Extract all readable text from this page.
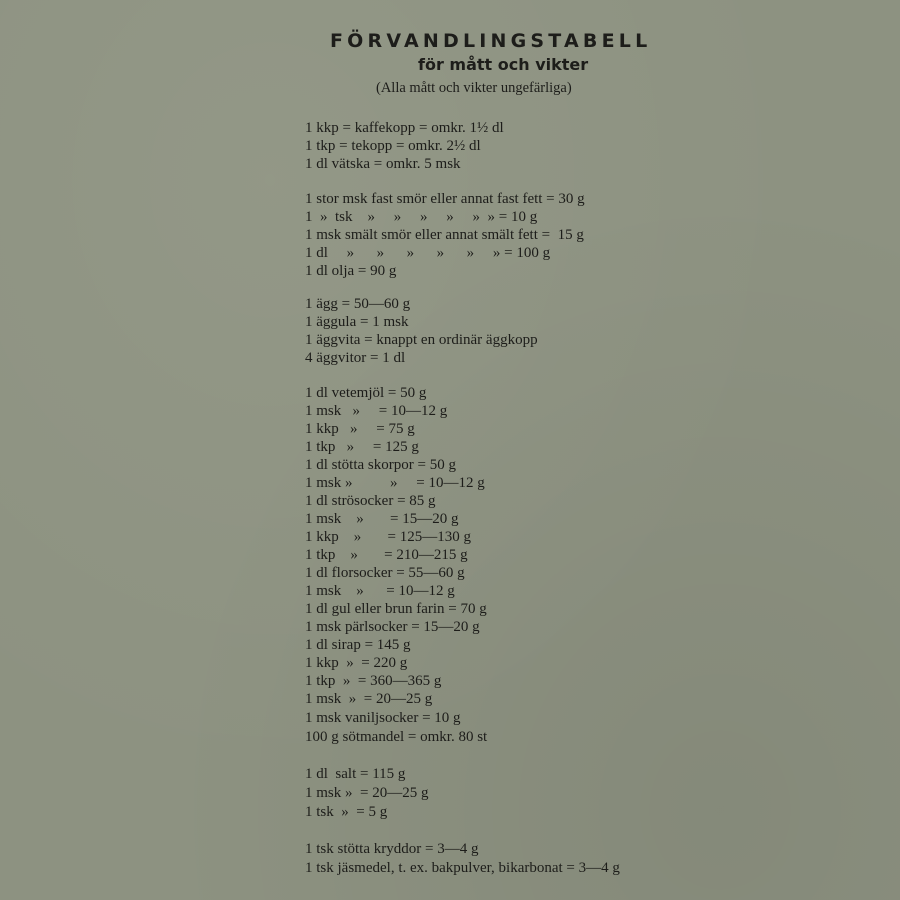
FÖRVANDLINGSTABELL
för mått och vikter
(Alla mått och vikter ungefärliga)
1 kkp = kaffekopp = omkr. 1½ dl
1 tkp = tekopp = omkr. 2½ dl
1 dl vätska = omkr. 5 msk
1 stor msk fast smör eller annat fast fett = 30 g
1  »  tsk    »     »     »     »     »  » = 10 g
1 msk smält smör eller annat smält fett =  15 g
1 dl     »      »      »      »      »     » = 100 g
1 dl olja = 90 g
1 ägg = 50—60 g
1 äggula = 1 msk
1 äggvita = knappt en ordinär äggkopp
4 äggvitor = 1 dl
1 dl vetemjöl = 50 g
1 msk   »     = 10—12 g
1 kkp   »     = 75 g
1 tkp   »     = 125 g
1 dl stötta skorpor = 50 g
1 msk »          »     = 10—12 g
1 dl strösocker = 85 g
1 msk    »       = 15—20 g
1 kkp    »       = 125—130 g
1 tkp    »       = 210—215 g
1 dl florsocker = 55—60 g
1 msk    »      = 10—12 g
1 dl gul eller brun farin = 70 g
1 msk pärlsocker = 15—20 g
1 dl sirap = 145 g
1 kkp  »  = 220 g
1 tkp  »  = 360—365 g
1 msk  »  = 20—25 g
1 msk vaniljsocker = 10 g
100 g sötmandel = omkr. 80 st
1 dl  salt = 115 g
1 msk »  = 20—25 g
1 tsk  »  = 5 g
1 tsk stötta kryddor = 3—4 g
1 tsk jäsmedel, t. ex. bakpulver, bikarbonat = 3—4 g
